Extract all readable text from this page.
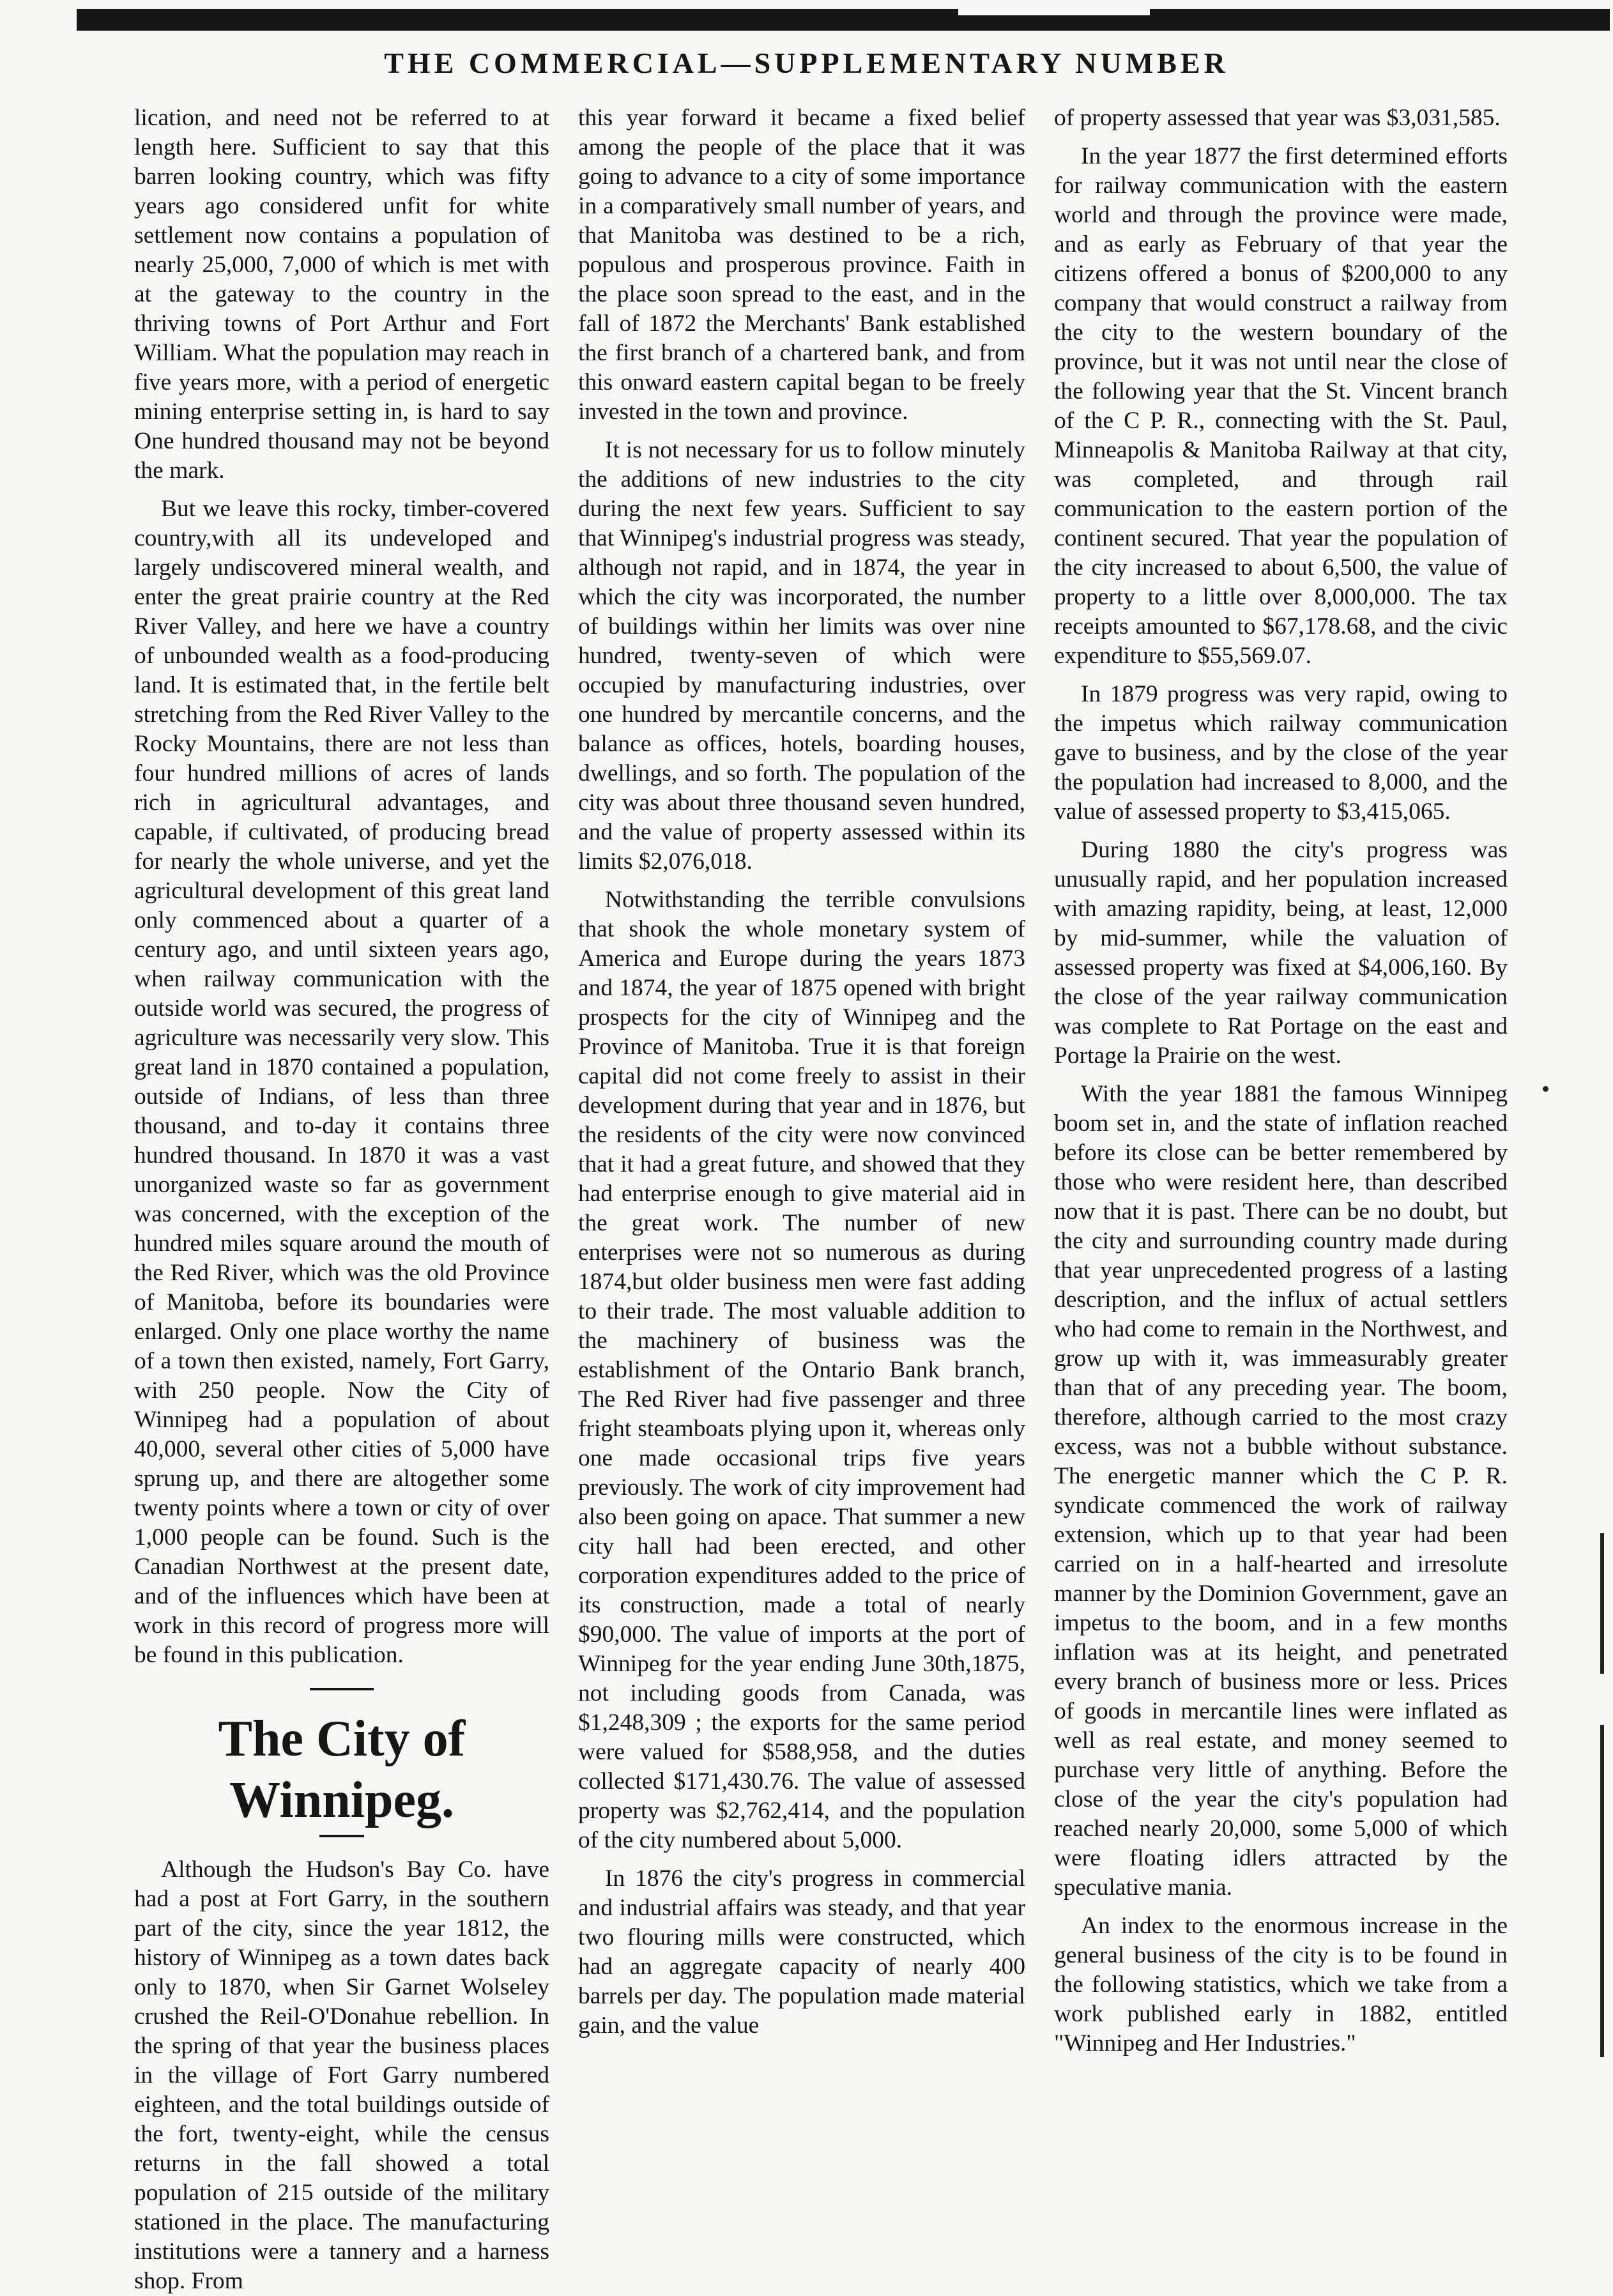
THE COMMERCIAL—SUPPLEMENTARY NUMBER

lication, and need not be referred to at length here. Sufficient to say that this barren looking country, which was fifty years ago considered unfit for white settlement now contains a population of nearly 25,000, 7,000 of which is met with at the gateway to the country in the thriving towns of Port Arthur and Fort William. What the population may reach in five years more, with a period of energetic mining enterprise setting in, is hard to say One hundred thousand may not be beyond the mark.

But we leave this rocky, timber-covered country,with all its undeveloped and largely undiscovered mineral wealth, and enter the great prairie country at the Red River Valley, and here we have a country of unbounded wealth as a food-producing land. It is estimated that, in the fertile belt stretching from the Red River Valley to the Rocky Mountains, there are not less than four hundred millions of acres of lands rich in agricultural advantages, and capable, if cultivated, of producing bread for nearly the whole universe, and yet the agricultural development of this great land only commenced about a quarter of a century ago, and until sixteen years ago, when railway communication with the outside world was secured, the progress of agriculture was necessarily very slow. This great land in 1870 contained a population, outside of Indians, of less than three thousand, and to-day it contains three hundred thousand. In 1870 it was a vast unorganized waste so far as government was concerned, with the exception of the hundred miles square around the mouth of the Red River, which was the old Province of Manitoba, before its boundaries were enlarged. Only one place worthy the name of a town then existed, namely, Fort Garry, with 250 people. Now the City of Winnipeg had a population of about 40,000, several other cities of 5,000 have sprung up, and there are altogether some twenty points where a town or city of over 1,000 people can be found. Such is the Canadian Northwest at the present date, and of the influences which have been at work in this record of progress more will be found in this publication.

The City of Winnipeg.

Although the Hudson's Bay Co. have had a post at Fort Garry, in the southern part of the city, since the year 1812, the history of Winnipeg as a town dates back only to 1870, when Sir Garnet Wolseley crushed the Reil-O'Donahue rebellion. In the spring of that year the business places in the village of Fort Garry numbered eighteen, and the total buildings outside of the fort, twenty-eight, while the census returns in the fall showed a total population of 215 outside of the military stationed in the place. The manufacturing institutions were a tannery and a harness shop. From

this year forward it became a fixed belief among the people of the place that it was going to advance to a city of some importance in a comparatively small number of years, and that Manitoba was destined to be a rich, populous and prosperous province. Faith in the place soon spread to the east, and in the fall of 1872 the Merchants' Bank established the first branch of a chartered bank, and from this onward eastern capital began to be freely invested in the town and province.

It is not necessary for us to follow minutely the additions of new industries to the city during the next few years. Sufficient to say that Winnipeg's industrial progress was steady, although not rapid, and in 1874, the year in which the city was incorporated, the number of buildings within her limits was over nine hundred, twenty-seven of which were occupied by manufacturing industries, over one hundred by mercantile concerns, and the balance as offices, hotels, boarding houses, dwellings, and so forth. The population of the city was about three thousand seven hundred, and the value of property assessed within its limits $2,076,018.

Notwithstanding the terrible convulsions that shook the whole monetary system of America and Europe during the years 1873 and 1874, the year of 1875 opened with bright prospects for the city of Winnipeg and the Province of Manitoba. True it is that foreign capital did not come freely to assist in their development during that year and in 1876, but the residents of the city were now convinced that it had a great future, and showed that they had enterprise enough to give material aid in the great work. The number of new enterprises were not so numerous as during 1874,but older business men were fast adding to their trade. The most valuable addition to the machinery of business was the establishment of the Ontario Bank branch, The Red River had five passenger and three fright steamboats plying upon it, whereas only one made occasional trips five years previously. The work of city improvement had also been going on apace. That summer a new city hall had been erected, and other corporation expenditures added to the price of its construction, made a total of nearly $90,000. The value of imports at the port of Winnipeg for the year ending June 30th,1875, not including goods from Canada, was $1,248,309 ; the exports for the same period were valued for $588,958, and the duties collected $171,430.76. The value of assessed property was $2,762,414, and the population of the city numbered about 5,000.

In 1876 the city's progress in commercial and industrial affairs was steady, and that year two flouring mills were constructed, which had an aggregate capacity of nearly 400 barrels per day. The population made material gain, and the value

of property assessed that year was $3,031,585.

In the year 1877 the first determined efforts for railway communication with the eastern world and through the province were made, and as early as February of that year the citizens offered a bonus of $200,000 to any company that would construct a railway from the city to the western boundary of the province, but it was not until near the close of the following year that the St. Vincent branch of the C P. R., connecting with the St. Paul, Minneapolis & Manitoba Railway at that city, was completed, and through rail communication to the eastern portion of the continent secured. That year the population of the city increased to about 6,500, the value of property to a little over 8,000,000. The tax receipts amounted to $67,178.68, and the civic expenditure to $55,569.07.

In 1879 progress was very rapid, owing to the impetus which railway communication gave to business, and by the close of the year the population had increased to 8,000, and the value of assessed property to $3,415,065.

During 1880 the city's progress was unusually rapid, and her population increased with amazing rapidity, being, at least, 12,000 by mid-summer, while the valuation of assessed property was fixed at $4,006,160. By the close of the year railway communication was complete to Rat Portage on the east and Portage la Prairie on the west.

With the year 1881 the famous Winnipeg boom set in, and the state of inflation reached before its close can be better remembered by those who were resident here, than described now that it is past. There can be no doubt, but the city and surrounding country made during that year unprecedented progress of a lasting description, and the influx of actual settlers who had come to remain in the Northwest, and grow up with it, was immeasurably greater than that of any preceding year. The boom, therefore, although carried to the most crazy excess, was not a bubble without substance. The energetic manner which the C P. R. syndicate commenced the work of railway extension, which up to that year had been carried on in a half-hearted and irresolute manner by the Dominion Government, gave an impetus to the boom, and in a few months inflation was at its height, and penetrated every branch of business more or less. Prices of goods in mercantile lines were inflated as well as real estate, and money seemed to purchase very little of anything. Before the close of the year the city's population had reached nearly 20,000, some 5,000 of which were floating idlers attracted by the speculative mania.

An index to the enormous increase in the general business of the city is to be found in the following statistics, which we take from a work published early in 1882, entitled "Winnipeg and Her Industries."
